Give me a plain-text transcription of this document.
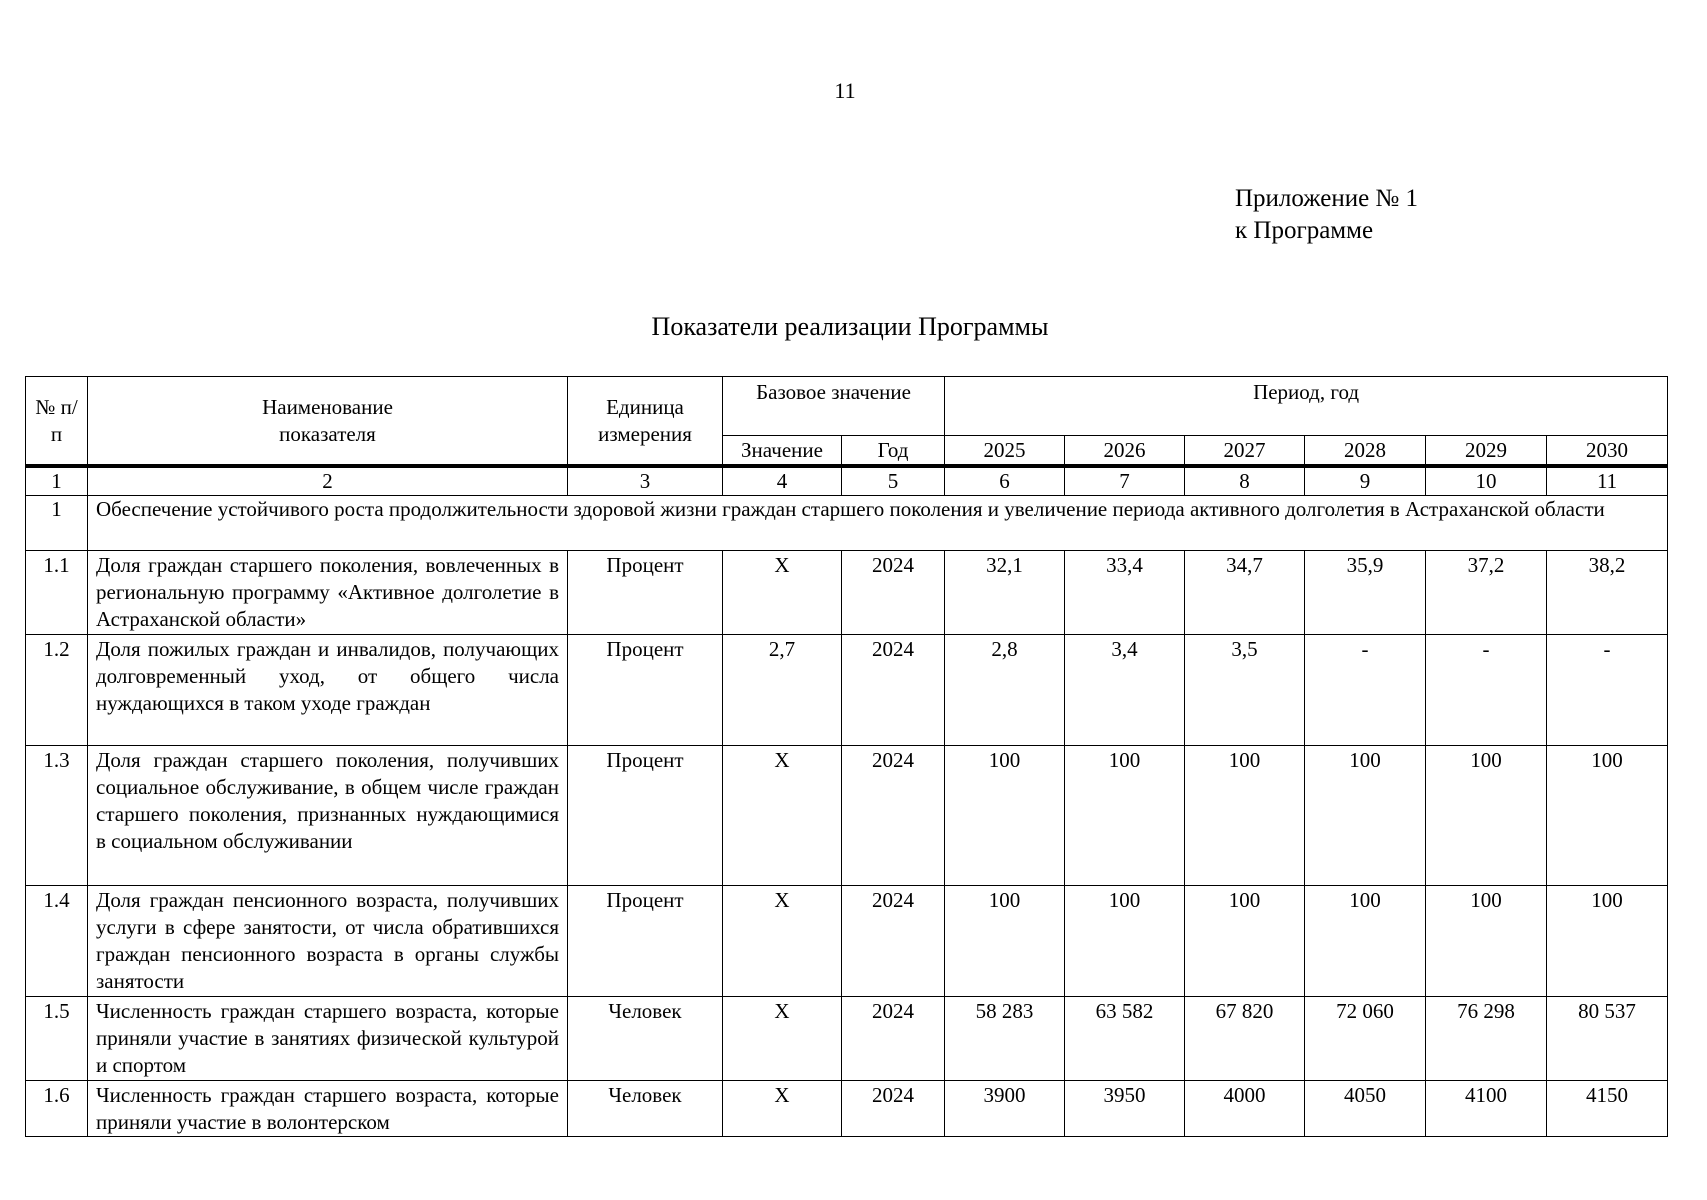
11
Приложение № 1
к Программе
Показатели реализации Программы
№ п/п	Наименование показателя	Единица измерения	Базовое значение		Период, год					
			Значение	Год	2025	2026	2027	2028	2029	2030
1	2	3	4	5	6	7	8	9	10	11
1	Обеспечение устойчивого роста продолжительности здоровой жизни граждан старшего поколения и увеличение периода активного долголетия в Астраханской области									
1.1	Доля граждан старшего поколения, вовлеченных в региональную программу «Активное долголетие в Астраханской области»	Процент	Х	2024	32,1	33,4	34,7	35,9	37,2	38,2
1.2	Доля пожилых граждан и инвалидов, получающих долговременный уход, от общего числа нуждающихся в таком уходе граждан	Процент	2,7	2024	2,8	3,4	3,5	-	-	-
1.3	Доля граждан старшего поколения, получивших социальное обслуживание, в общем числе граждан старшего поколения, признанных нуждающимися в социальном обслуживании	Процент	Х	2024	100	100	100	100	100	100
1.4	Доля граждан пенсионного возраста, получивших услуги в сфере занятости, от числа обратившихся граждан пенсионного возраста в органы службы занятости	Процент	Х	2024	100	100	100	100	100	100
1.5	Численность граждан старшего возраста, которые приняли участие в занятиях физической культурой и спортом	Человек	Х	2024	58 283	63 582	67 820	72 060	76 298	80 537
1.6	Численность граждан старшего возраста, которые приняли участие в волонтерском	Человек	Х	2024	3900	3950	4000	4050	4100	4150
